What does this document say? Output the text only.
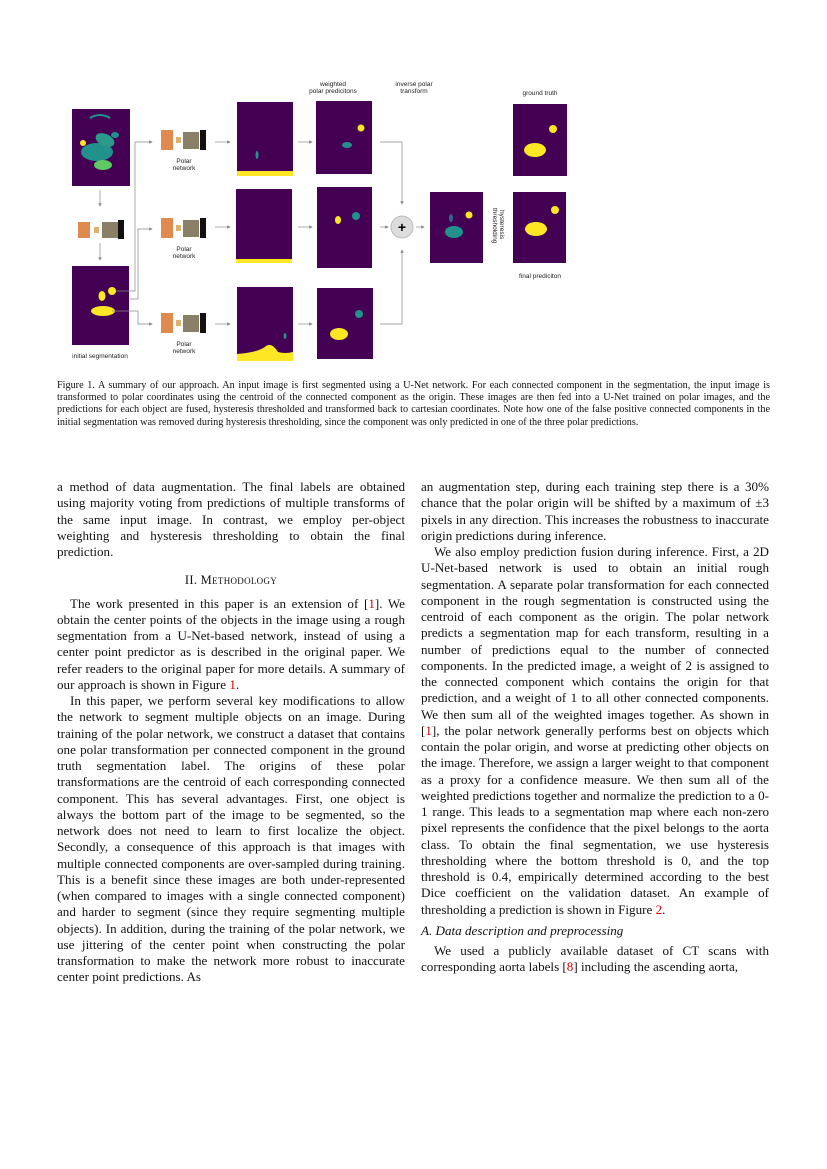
weighted
polar predicitons
inverse polar
transform	ground truth
final prediciton
initial segmentation
Polar
network
Polar
network
Polar
network
+	hysteresis
thresholding
Figure 1. A summary of our approach. An input image is first segmented using a U-Net network. For each connected component in the segmentation, the input image is transformed to polar coordinates using the centroid of the connected component as the origin. These images are then fed into a U-Net trained on polar images, and the predictions for each object are fused, hysteresis thresholded and transformed back to cartesian coordinates. Note how one of the false positive connected components in the initial segmentation was removed during hysteresis thresholding, since the component was only predicted in one of the three polar predictions.

a method of data augmentation. The final labels are obtained using majority voting from predictions of multiple transforms of the same input image. In contrast, we employ per-object weighting and hysteresis thresholding to obtain the final prediction.

II. Methodology

The work presented in this paper is an extension of [1]. We obtain the center points of the objects in the image using a rough segmentation from a U-Net-based network, instead of using a center point predictor as is described in the original paper. We refer readers to the original paper for more details. A summary of our approach is shown in Figure 1.

In this paper, we perform several key modifications to allow the network to segment multiple objects on an image. During training of the polar network, we construct a dataset that contains one polar transformation per connected component in the ground truth segmentation label. The origins of these polar transformations are the centroid of each corresponding connected component. This has several advantages. First, one object is always the bottom part of the image to be segmented, so the network does not need to learn to first localize the object. Secondly, a consequence of this approach is that images with multiple connected components are over-sampled during training. This is a benefit since these images are both under-represented (when compared to images with a single connected component) and harder to segment (since they require segmenting multiple objects). In addition, during the training of the polar network, we use jittering of the center point when constructing the polar transformation to make the network more robust to inaccurate center point predictions. As

an augmentation step, during each training step there is a 30% chance that the polar origin will be shifted by a maximum of ±3 pixels in any direction. This increases the robustness to inaccurate origin predictions during inference.

We also employ prediction fusion during inference. First, a 2D U-Net-based network is used to obtain an initial rough segmentation. A separate polar transformation for each connected component in the rough segmentation is constructed using the centroid of each component as the origin. The polar network predicts a segmentation map for each transform, resulting in a number of predictions equal to the number of connected components. In the predicted image, a weight of 2 is assigned to the connected component which contains the origin for that prediction, and a weight of 1 to all other connected components. We then sum all of the weighted images together. As shown in [1], the polar network generally performs best on objects which contain the polar origin, and worse at predicting other objects on the image. Therefore, we assign a larger weight to that component as a proxy for a confidence measure. We then sum all of the weighted predictions together and normalize the prediction to a 0-1 range. This leads to a segmentation map where each non-zero pixel represents the confidence that the pixel belongs to the aorta class. To obtain the final segmentation, we use hysteresis thresholding where the bottom threshold is 0, and the top threshold is 0.4, empirically determined according to the best Dice coefficient on the validation dataset. An example of thresholding a prediction is shown in Figure 2.

A. Data description and preprocessing

We used a publicly available dataset of CT scans with corresponding aorta labels [8] including the ascending aorta,
